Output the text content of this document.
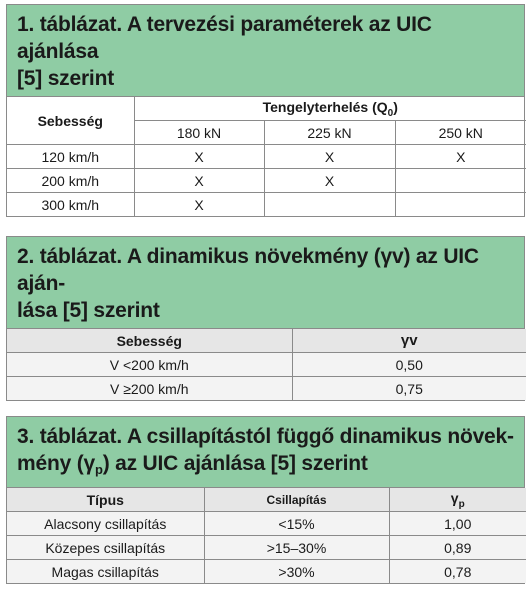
1. táblázat. A tervezési paraméterek az UIC ajánlása
[5] szerint
Sebesség	Tengelyterhelés $(Q_0)$		
	180 kN	225 kN	250 kN
120 km/h	X	X	X
200 km/h	X	X	
300 km/h	X		
2. táblázat. A dinamikus növekmény (γv) az UIC aján-
lása [5] szerint
Sebesség	γv
V <200 km/h	0,50
V ≥200 km/h	0,75
3. táblázat. A csillapítástól függő dinamikus növek-
mény $(\gamma_p)$ az UIC ajánlása [5] szerint
Típus	Csillapítás	$\gamma_p$
Alacsony csillapítás	<15%	1,00
Közepes csillapítás	>15–30%	0,89
Magas csillapítás	>30%	0,78
